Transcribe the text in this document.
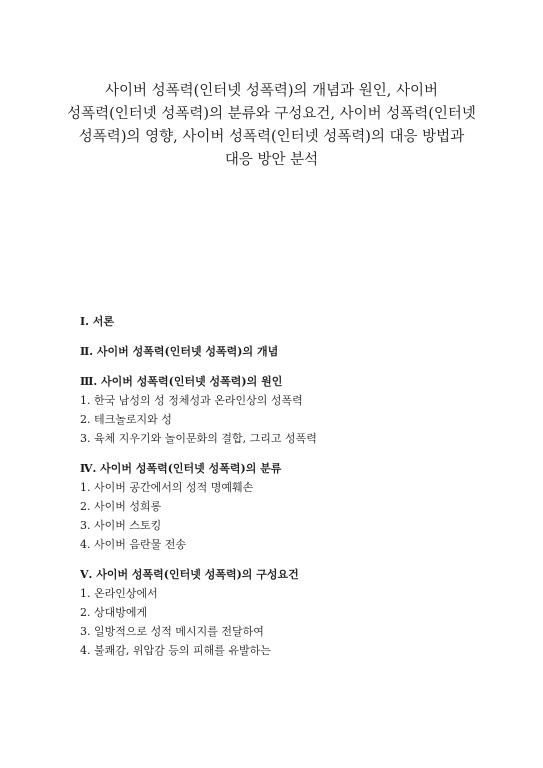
사이버 성폭력(인터넷 성폭력)의 개념과 원인, 사이버
성폭력(인터넷 성폭력)의 분류와 구성요건, 사이버 성폭력(인터넷
성폭력)의 영향, 사이버 성폭력(인터넷 성폭력)의 대응 방법과
대응 방안 분석
Ⅰ. 서론
Ⅱ. 사이버 성폭력(인터넷 성폭력)의 개념
Ⅲ. 사이버 성폭력(인터넷 성폭력)의 원인
1. 한국 남성의 성 정체성과 온라인상의 성폭력
2. 테크놀로지와 성
3. 육체 지우기와 놀이문화의 결합, 그리고 성폭력
Ⅳ. 사이버 성폭력(인터넷 성폭력)의 분류
1. 사이버 공간에서의 성적 명예훼손
2. 사이버 성희롱
3. 사이버 스토킹
4. 사이버 음란물 전송
Ⅴ. 사이버 성폭력(인터넷 성폭력)의 구성요건
1. 온라인상에서
2. 상대방에게
3. 일방적으로 성적 메시지를 전달하여
4. 불쾌감, 위압감 등의 피해를 유발하는
